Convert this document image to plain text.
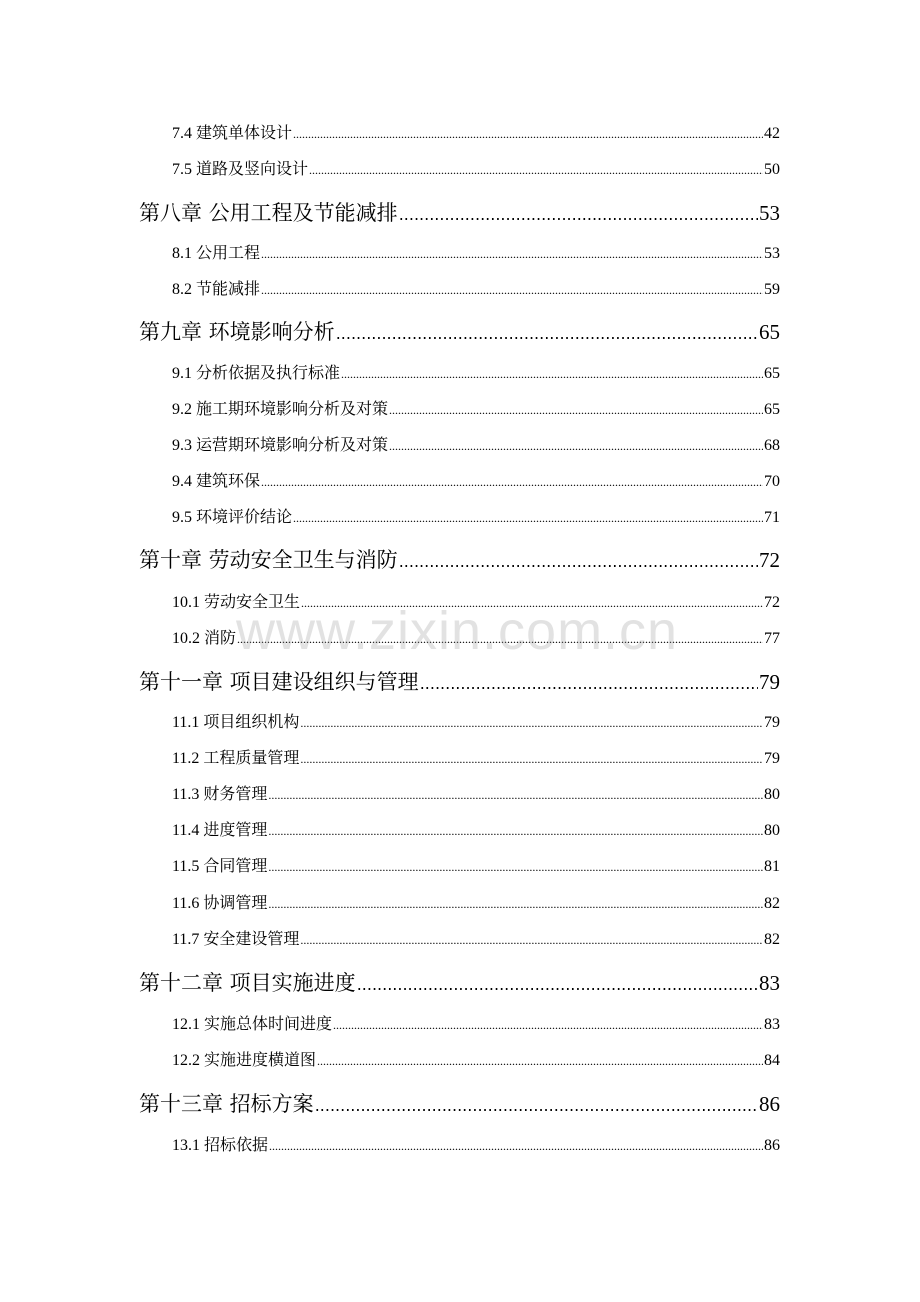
7.4 建筑单体设计 .....	42
7.5 道路及竖向设计 .....	50
第八章 公用工程及节能减排 .....	53
8.1 公用工程 .....	53
8.2 节能减排 .....	59
第九章 环境影响分析 .....	65
9.1 分析依据及执行标准 .....	65
9.2 施工期环境影响分析及对策 .....	65
9.3 运营期环境影响分析及对策 .....	68
9.4 建筑环保 .....	70
9.5 环境评价结论 .....	71
第十章 劳动安全卫生与消防 .....	72
10.1 劳动安全卫生 .....	72
10.2 消防 .....	77
第十一章 项目建设组织与管理 .....	79
11.1 项目组织机构 .....	79
11.2 工程质量管理 .....	79
11.3 财务管理 .....	80
11.4 进度管理 .....	80
11.5 合同管理 .....	81
11.6 协调管理 .....	82
11.7 安全建设管理 .....	82
第十二章 项目实施进度 .....	83
12.1 实施总体时间进度 .....	83
12.2 实施进度横道图 .....	84
第十三章 招标方案 .....	86
13.1 招标依据 .....	86
www.zixin.com.cn
